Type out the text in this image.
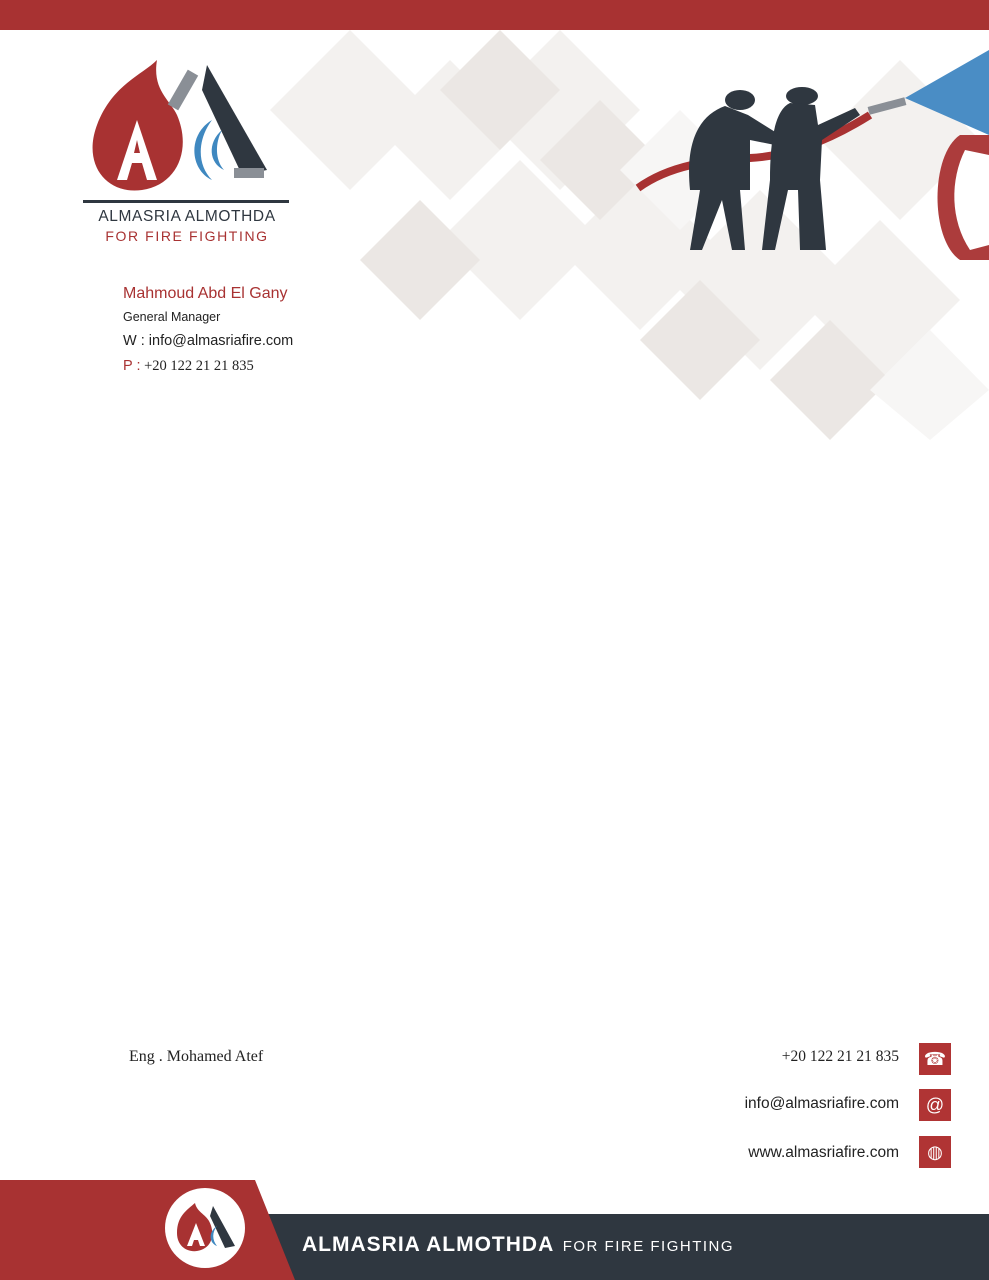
ALMASRIA ALMOTHDA
FOR FIRE FIGHTING
Mahmoud Abd El Gany
General Manager
W : info@almasriafire.com
P : +20 122 21 21 835
Eng . Mohamed Atef	+20 122 21 21 835 ☎
info@almasriafire.com	@
www.almasriafire.com	◍
ALMASRIA ALMOTHDA FOR FIRE FIGHTING
